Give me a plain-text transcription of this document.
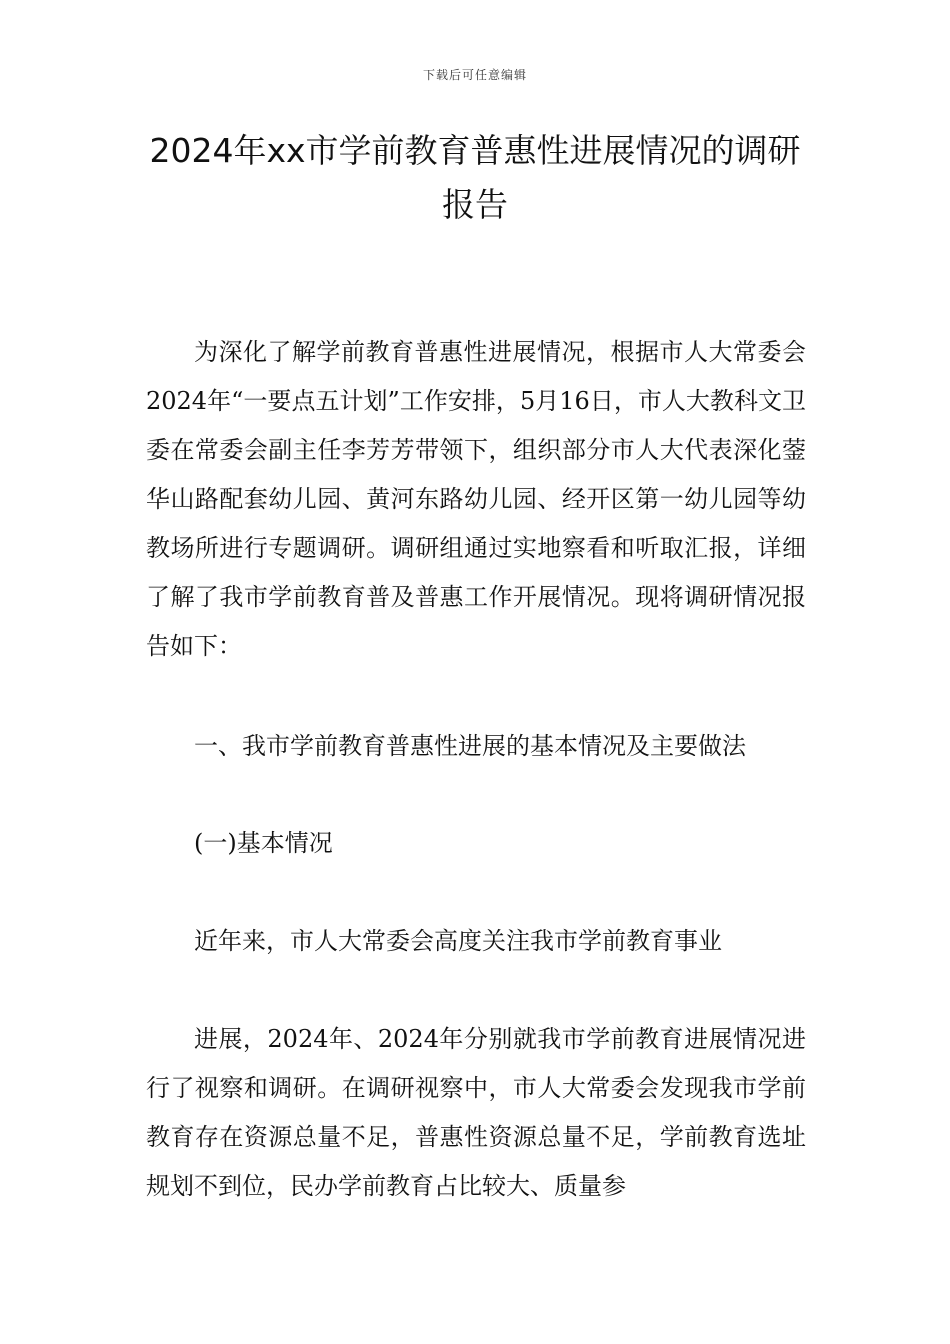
下载后可任意编辑
2024年xx市学前教育普惠性进展情况的调研报告

为深化了解学前教育普惠性进展情况，根据市人大常委会2024年“一要点五计划”工作安排，5月16日，市人大教科文卫委在常委会副主任李芳芳带领下，组织部分市人大代表深化蓥华山路配套幼儿园、黄河东路幼儿园、经开区第一幼儿园等幼教场所进行专题调研。调研组通过实地察看和听取汇报，详细了解了我市学前教育普及普惠工作开展情况。现将调研情况报告如下：

一、我市学前教育普惠性进展的基本情况及主要做法

(一)基本情况

近年来，市人大常委会高度关注我市学前教育事业

进展，2024年、2024年分别就我市学前教育进展情况进行了视察和调研。在调研视察中，市人大常委会发现我市学前教育存在资源总量不足，普惠性资源总量不足，学前教育选址规划不到位，民办学前教育占比较大、质量参
